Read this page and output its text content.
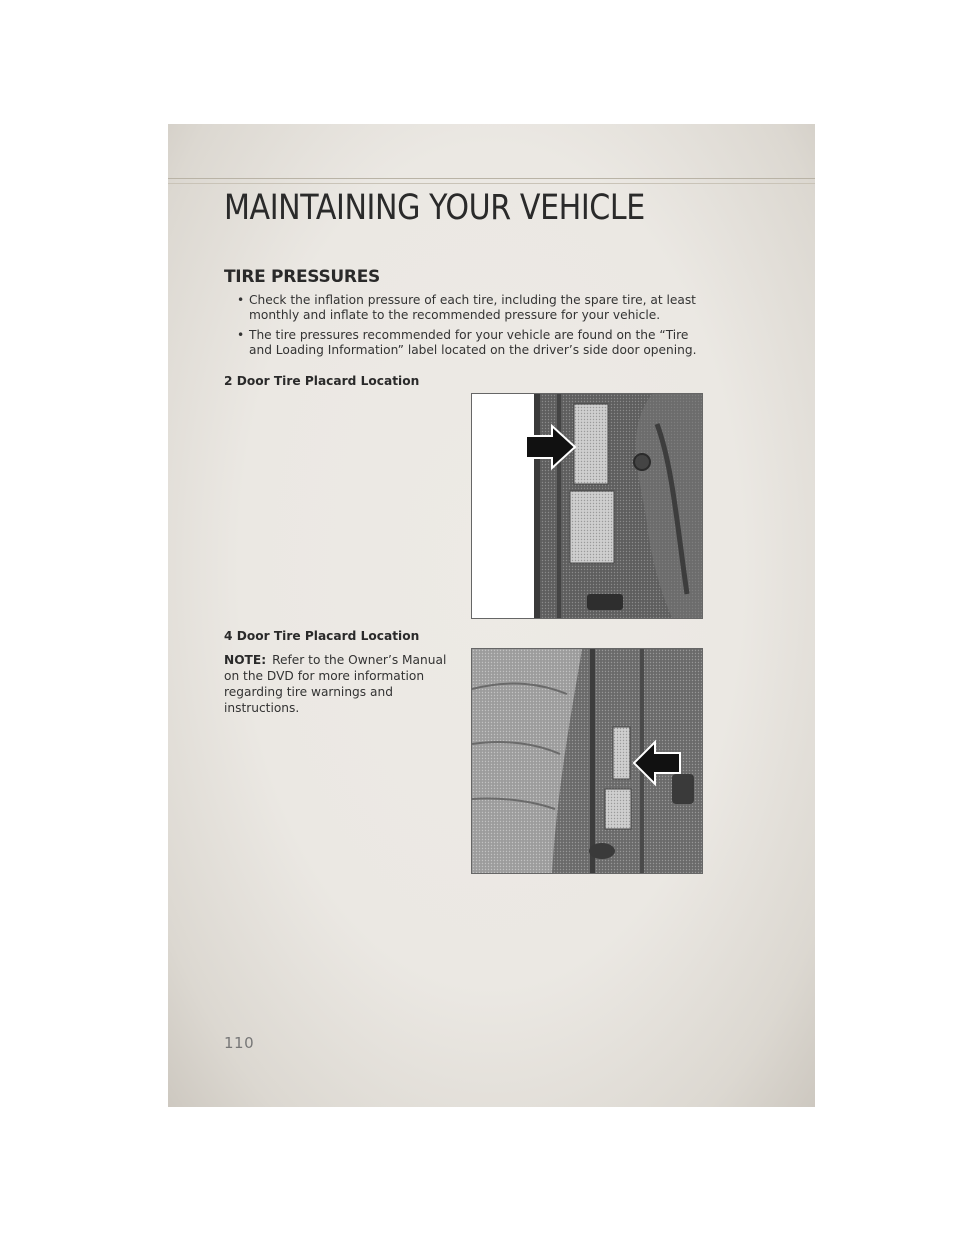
MAINTAINING YOUR VEHICLE
TIRE PRESSURES
• Check the inflation pressure of each tire, including the spare tire, at least monthly and inflate to the recommended pressure for your vehicle.
• The tire pressures recommended for your vehicle are found on the “Tire and Loading Information” label located on the driver’s side door opening.
2 Door Tire Placard Location
4 Door Tire Placard Location
NOTE: Refer to the Owner’s Manual on the DVD for more information regarding tire warnings and instructions.
110
